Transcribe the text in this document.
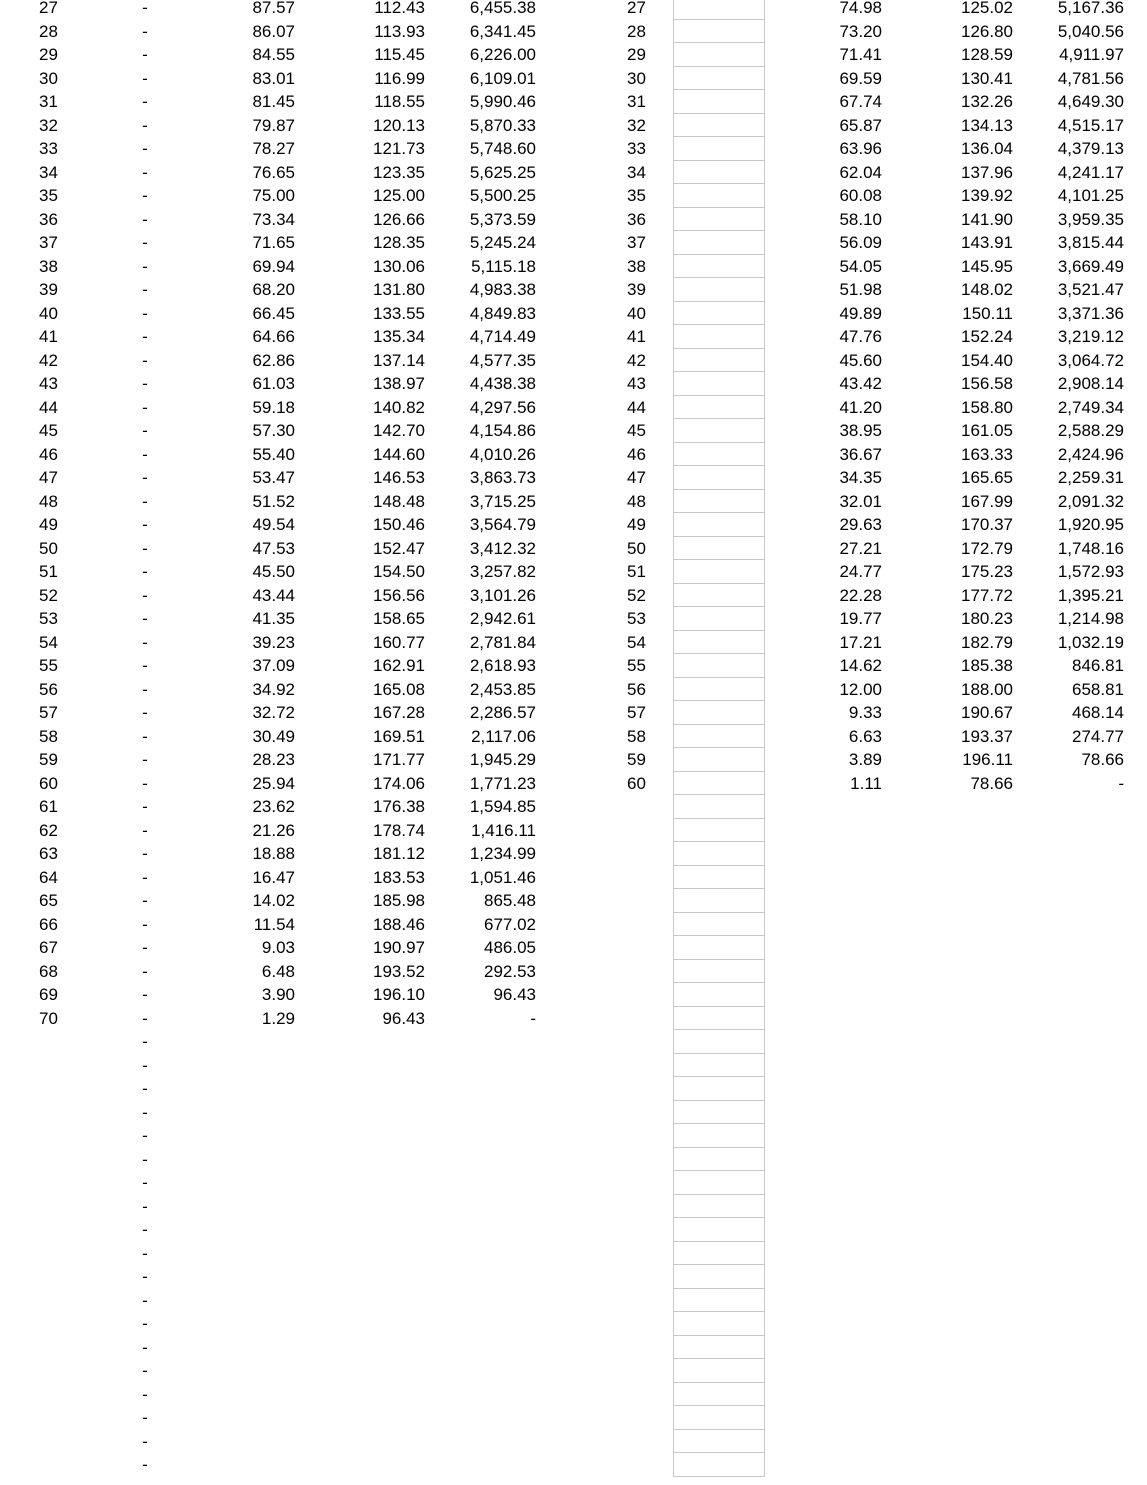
27	-	87.57	112.43	6,455.38	27	74.98	125.02	5,167.36
28	-	86.07	113.93	6,341.45	28	73.20	126.80	5,040.56
29	-	84.55	115.45	6,226.00	29	71.41	128.59	4,911.97
30	-	83.01	116.99	6,109.01	30	69.59	130.41	4,781.56
31	-	81.45	118.55	5,990.46	31	67.74	132.26	4,649.30
32	-	79.87	120.13	5,870.33	32	65.87	134.13	4,515.17
33	-	78.27	121.73	5,748.60	33	63.96	136.04	4,379.13
34	-	76.65	123.35	5,625.25	34	62.04	137.96	4,241.17
35	-	75.00	125.00	5,500.25	35	60.08	139.92	4,101.25
36	-	73.34	126.66	5,373.59	36	58.10	141.90	3,959.35
37	-	71.65	128.35	5,245.24	37	56.09	143.91	3,815.44
38	-	69.94	130.06	5,115.18	38	54.05	145.95	3,669.49
39	-	68.20	131.80	4,983.38	39	51.98	148.02	3,521.47
40	-	66.45	133.55	4,849.83	40	49.89	150.11	3,371.36
41	-	64.66	135.34	4,714.49	41	47.76	152.24	3,219.12
42	-	62.86	137.14	4,577.35	42	45.60	154.40	3,064.72
43	-	61.03	138.97	4,438.38	43	43.42	156.58	2,908.14
44	-	59.18	140.82	4,297.56	44	41.20	158.80	2,749.34
45	-	57.30	142.70	4,154.86	45	38.95	161.05	2,588.29
46	-	55.40	144.60	4,010.26	46	36.67	163.33	2,424.96
47	-	53.47	146.53	3,863.73	47	34.35	165.65	2,259.31
48	-	51.52	148.48	3,715.25	48	32.01	167.99	2,091.32
49	-	49.54	150.46	3,564.79	49	29.63	170.37	1,920.95
50	-	47.53	152.47	3,412.32	50	27.21	172.79	1,748.16
51	-	45.50	154.50	3,257.82	51	24.77	175.23	1,572.93
52	-	43.44	156.56	3,101.26	52	22.28	177.72	1,395.21
53	-	41.35	158.65	2,942.61	53	19.77	180.23	1,214.98
54	-	39.23	160.77	2,781.84	54	17.21	182.79	1,032.19
55	-	37.09	162.91	2,618.93	55	14.62	185.38	846.81
56	-	34.92	165.08	2,453.85	56	12.00	188.00	658.81
57	-	32.72	167.28	2,286.57	57	9.33	190.67	468.14
58	-	30.49	169.51	2,117.06	58	6.63	193.37	274.77
59	-	28.23	171.77	1,945.29	59	3.89	196.11	78.66
60	-	25.94	174.06	1,771.23	60	1.11	78.66	-
61	-	23.62	176.38	1,594.85
62	-	21.26	178.74	1,416.11
63	-	18.88	181.12	1,234.99
64	-	16.47	183.53	1,051.46
65	-	14.02	185.98	865.48
66	-	11.54	188.46	677.02
67	-	9.03	190.97	486.05
68	-	6.48	193.52	292.53
69	-	3.90	196.10	96.43
70	-	1.29	96.43	-
-
-
-
-
-
-
-
-
-
-
-
-
-
-
-
-
-
-
-
